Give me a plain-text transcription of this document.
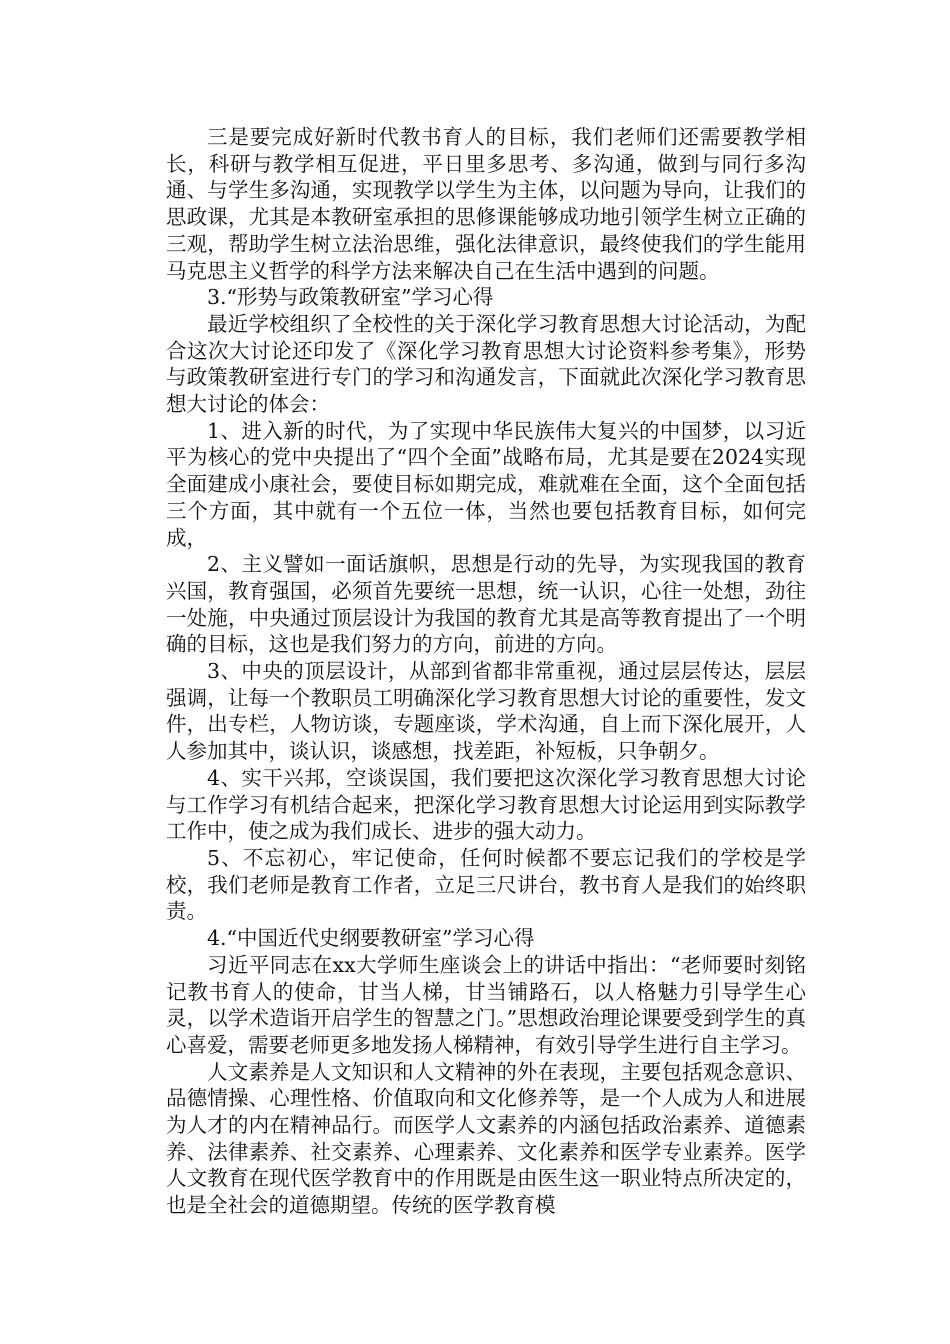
三是要完成好新时代教书育人的目标，我们老师们还需要教学相长，科研与教学相互促进，平日里多思考、多沟通，做到与同行多沟通、与学生多沟通，实现教学以学生为主体，以问题为导向，让我们的思政课，尤其是本教研室承担的思修课能够成功地引领学生树立正确的三观，帮助学生树立法治思维，强化法律意识，最终使我们的学生能用马克思主义哲学的科学方法来解决自己在生活中遇到的问题。

3.“形势与政策教研室”学习心得

最近学校组织了全校性的关于深化学习教育思想大讨论活动，为配合这次大讨论还印发了《深化学习教育思想大讨论资料参考集》，形势与政策教研室进行专门的学习和沟通发言，下面就此次深化学习教育思想大讨论的体会：

1、进入新的时代，为了实现中华民族伟大复兴的中国梦，以习近平为核心的党中央提出了“四个全面”战略布局，尤其是要在2024实现全面建成小康社会，要使目标如期完成，难就难在全面，这个全面包括三个方面，其中就有一个五位一体，当然也要包括教育目标，如何完成，

2、主义譬如一面话旗帜，思想是行动的先导，为实现我国的教育兴国，教育强国，必须首先要统一思想，统一认识，心往一处想，劲往一处施，中央通过顶层设计为我国的教育尤其是高等教育提出了一个明确的目标，这也是我们努力的方向，前进的方向。

3、中央的顶层设计，从部到省都非常重视，通过层层传达，层层强调，让每一个教职员工明确深化学习教育思想大讨论的重要性，发文件，出专栏，人物访谈，专题座谈，学术沟通，自上而下深化展开，人人参加其中，谈认识，谈感想，找差距，补短板，只争朝夕。

4、实干兴邦，空谈误国，我们要把这次深化学习教育思想大讨论与工作学习有机结合起来，把深化学习教育思想大讨论运用到实际教学工作中，使之成为我们成长、进步的强大动力。

5、不忘初心，牢记使命，任何时候都不要忘记我们的学校是学校，我们老师是教育工作者，立足三尺讲台，教书育人是我们的始终职责。

4.“中国近代史纲要教研室”学习心得

习近平同志在xx大学师生座谈会上的讲话中指出：“老师要时刻铭记教书育人的使命，甘当人梯，甘当铺路石，以人格魅力引导学生心灵，以学术造诣开启学生的智慧之门。”思想政治理论课要受到学生的真心喜爱，需要老师更多地发扬人梯精神，有效引导学生进行自主学习。

人文素养是人文知识和人文精神的外在表现，主要包括观念意识、品德情操、心理性格、价值取向和文化修养等，是一个人成为人和进展为人才的内在精神品行。而医学人文素养的内涵包括政治素养、道德素养、法律素养、社交素养、心理素养、文化素养和医学专业素养。医学人文教育在现代医学教育中的作用既是由医生这一职业特点所决定的，也是全社会的道德期望。传统的医学教育模
